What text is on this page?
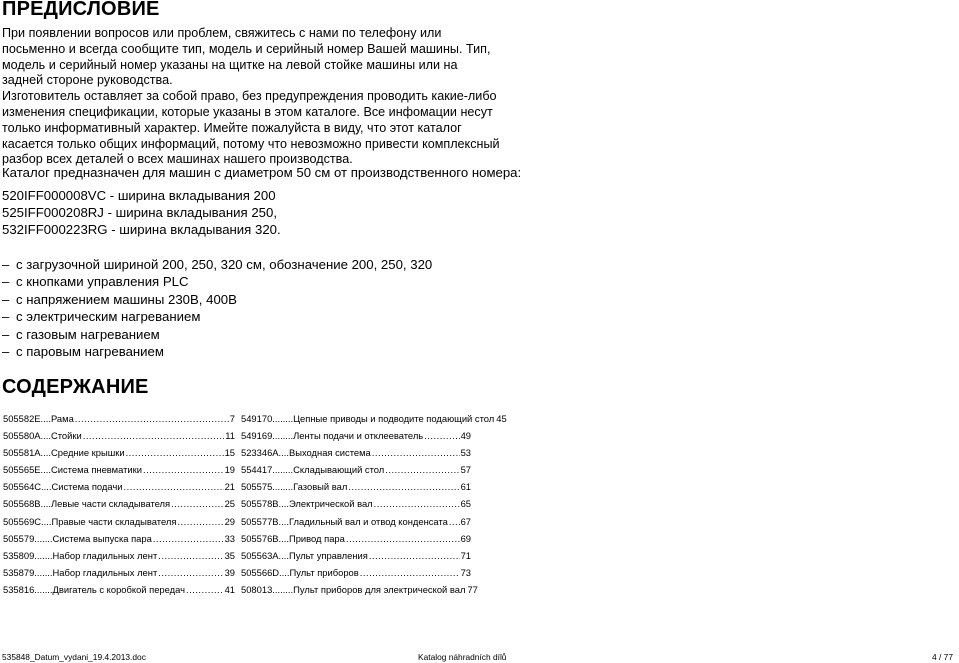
ПРЕДИСЛОВИЕ

При появлении вопросов или проблем, свяжитесь с нами по телефону или посьменно и всегда сообщите тип, модель и серийный номер Вашей машины. Тип, модель и серийный номер указаны на щитке на левой стойке машины или на задней стороне руководства.

Изготовитель оставляет за собой право, без предупреждения проводить какие-либо изменения спецификации, которые указаны в этом каталоге. Все инфомации несут только информативный характер. Имейте пожалуйста в виду, что этот каталог касается только общих информаций, потому что невозможно привести комплексный разбор всех деталей о всех машинах нашего производства.

Каталог предназначен для машин с диаметром 50 см от производственного номера:

520IFF000008VC - ширина вкладывания 200
525IFF000208RJ - ширина вкладывания 250,
532IFF000223RG - ширина вкладывания 320.
– с загрузочной шириной 200, 250, 320 см, обозначение 200, 250, 320
– с кнопками управления PLC
– с напряжением машины 230В, 400В
– с электрическим нагреванием
– с газовым нагреванием
– с паровым нагреванием
СОДЕРЖАНИЕ
505582E.... Рама .....	7
505580A.... Стойки .....	11
505581A.... Средние крышки .....	15
505565E.... Система пневматики .....	19
505564C.... Система подачи .....	21
505568B.... Левые части складывателя .....	25
505569C.... Правые части складывателя .....	29
505579....... Система выпуска пара .....	33
535809....... Набор гладильных лент .....	35
535879....... Набор гладильных лент .....	39
535816....... Двигатель с коробкой передач .....	41
549170........ Цепные приводы и подводите подающий стол 45
549169........ Ленты подачи и отклееватель .....	49
523346A.... Выходная система .....	53
554417........ Складывающий стол .....	57
505575........ Газовый вал .....	61
505578B.... Электрической вал .....	65
505577B.... Гладильный вал и отвод конденсата ..... 67
505576B.... Привод пара .....	69
505563A.... Пульт управления .....	71
505566D.... Пульт приборов .....	73
508013........ Пульт приборов для электрической вал 77
535848_Datum_vydani_19.4.2013.doc	Katalog náhradních dílů	4 / 77
